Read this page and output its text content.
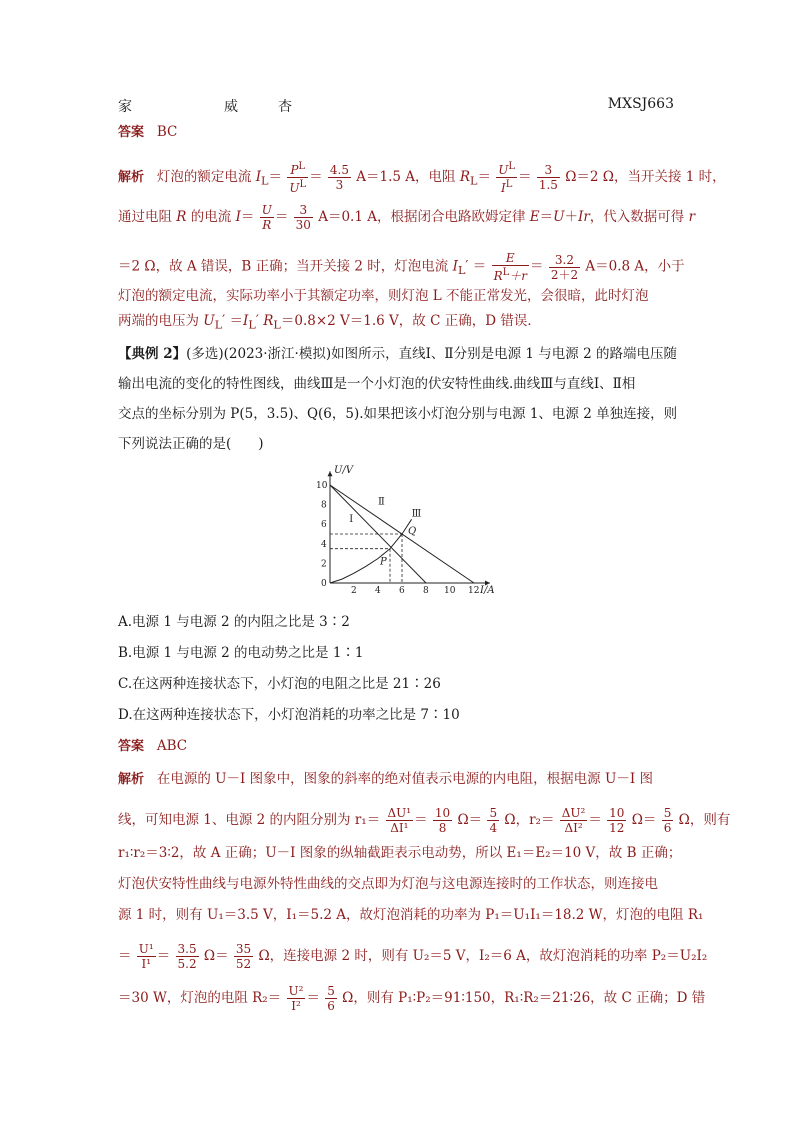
家	威	杏	MXSJ663
答案 BC
解析 灯泡的额定电流 $I_L= \frac{P^L}{U^L} = \frac{4.5}{3} A=1.5$ A，电阻 $R_L= \frac{U^L}{I^L} = \frac{3}{1.5} \Omega=2$ Ω，当开关接 1 时，
通过电阻 R 的电流 $I= \frac{U}{R} = \frac{3}{30} A=0.1$ A，根据闭合电路欧姆定律 E＝U＋Ir，代入数据可得 r
＝2 Ω，故 A 错误，B 正确；当开关接 2 时，灯泡电流 $I_L' = \frac{E}{R^L+r} = \frac{3.2}{2+2} A=0.8$ A，小于
灯泡的额定电流，实际功率小于其额定功率，则灯泡 L 不能正常发光，会很暗，此时灯泡
两端的电压为 $U_L' =I_L'$ $R_L=0.8\times 2$ V＝1.6 V，故 C 正确，D 错误．
【典例 2】(多选)(2023·浙江·模拟)如图所示，直线Ⅰ、Ⅱ分别是电源 1 与电源 2 的路端电压随
输出电流的变化的特性图线，曲线Ⅲ是一个小灯泡的伏安特性曲线.曲线Ⅲ与直线Ⅰ、Ⅱ相
交点的坐标分别为 P(5，3.5)、Q(6，5).如果把该小灯泡分别与电源 1、电源 2 单独连接，则
下列说法正确的是(　　)
U/V
I/A
2 4 6 8 10 12
0
2
4
6
8
10
Ⅰ
Ⅱ
Ⅲ
P
Q
A.电源 1 与电源 2 的内阻之比是 3∶2
B.电源 1 与电源 2 的电动势之比是 1∶1
C.在这两种连接状态下，小灯泡的电阻之比是 21∶26
D.在这两种连接状态下，小灯泡消耗的功率之比是 7∶10
答案 ABC
解析 在电源的 U－I 图象中，图象的斜率的绝对值表示电源的内电阻，根据电源 U－I 图
线，可知电源 1、电源 2 的内阻分别为 $r_1= \frac{\text{ΔU¹}}{\text{ΔI¹}} = \frac{10}{8} \Omega= \frac{5}{4}$ Ω，$r_2= \frac{\text{ΔU²}}{\text{ΔI²}} = \frac{10}{12} \Omega= \frac{5}{6}$ Ω，则有
r₁∶r₂＝3∶2，故 A 正确；U－I 图象的纵轴截距表示电动势，所以 E₁＝E₂＝10 V，故 B 正确；
灯泡伏安特性曲线与电源外特性曲线的交点即为灯泡与这电源连接时的工作状态，则连接电
源 1 时，则有 U₁＝3.5 V，I₁＝5.2 A，故灯泡消耗的功率为 P₁＝U₁I₁＝18.2 W，灯泡的电阻 R₁
＝ $\frac{\text{U¹}}{\text{I¹}} = \frac{3.5}{5.2} \Omega= \frac{35}{52}$ Ω，连接电源 2 时，则有 U₂＝5 V，I₂＝6 A，故灯泡消耗的功率 P₂＝U₂I₂
＝30 W，灯泡的电阻 $R_2= \frac{\text{U²}}{\text{I²}} = \frac{5}{6}$ Ω，则有 P₁∶P₂＝91∶150，R₁∶R₂＝21∶26，故 C 正确；D 错
